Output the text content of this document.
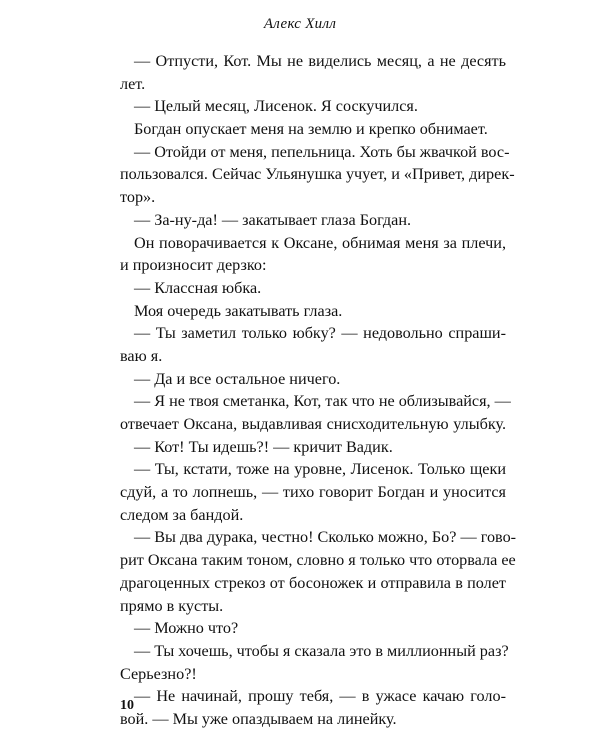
Алекс Хилл
— Отпусти, Кот. Мы не виделись месяц, а не десять
лет.
— Целый месяц, Лисенок. Я соскучился.
Богдан опускает меня на землю и крепко обнимает.
— Отойди от меня, пепельница. Хоть бы жвачкой вос-
пользовался. Сейчас Ульянушка учует, и «Привет, дирек-
тор».
— За-ну-да! — закатывает глаза Богдан.
Он поворачивается к Оксане, обнимая меня за плечи,
и произносит дерзко:
— Классная юбка.
Моя очередь закатывать глаза.
— Ты заметил только юбку? — недовольно спраши-
ваю я.
— Да и все остальное ничего.
— Я не твоя сметанка, Кот, так что не облизывайся, —
отвечает Оксана, выдавливая снисходительную улыбку.
— Кот! Ты идешь?! — кричит Вадик.
— Ты, кстати, тоже на уровне, Лисенок. Только щеки
сдуй, а то лопнешь, — тихо говорит Богдан и уносится
следом за бандой.
— Вы два дурака, честно! Сколько можно, Бо? — гово-
рит Оксана таким тоном, словно я только что оторвала ее
драгоценных стрекоз от босоножек и отправила в полет
прямо в кусты.
— Можно что?
— Ты хочешь, чтобы я сказала это в миллионный раз?
Серьезно?!
— Не начинай, прошу тебя, — в ужасе качаю голо-
вой. — Мы уже опаздываем на линейку.
10
